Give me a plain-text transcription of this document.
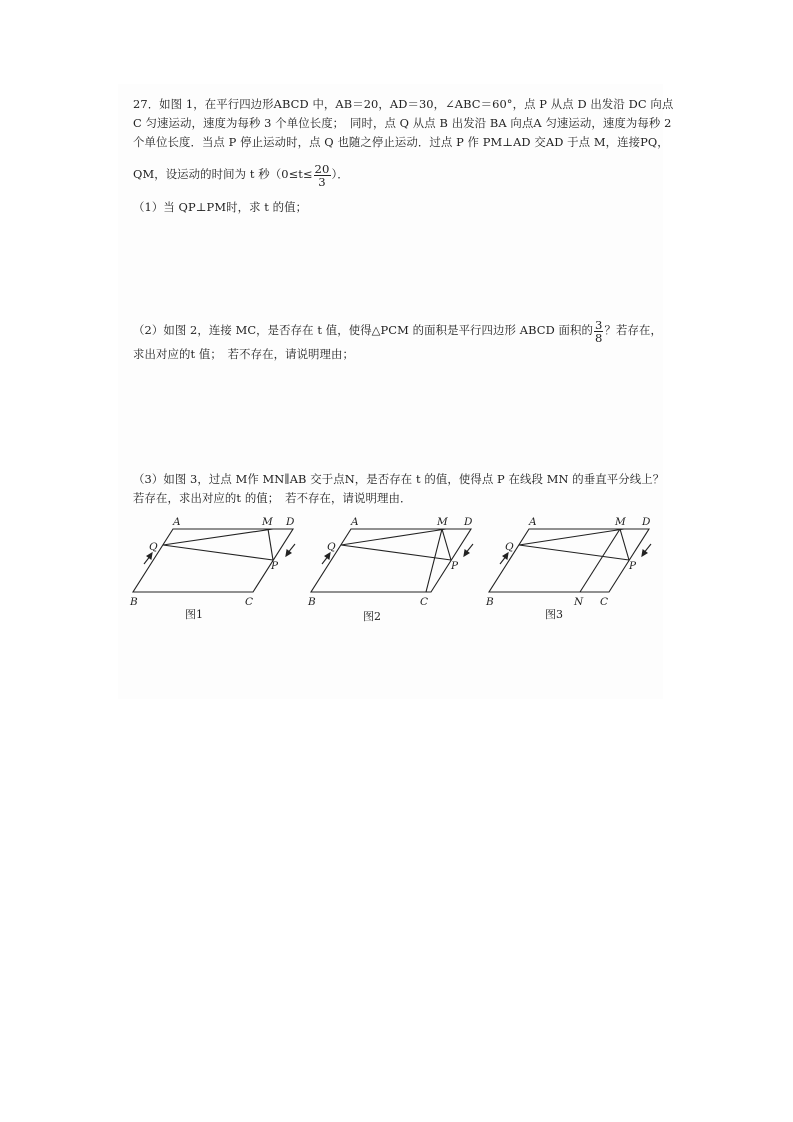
27．如图 1，在平行四边形ABCD 中，AB＝20，AD＝30，∠ABC＝60°，点 P 从点 D 出发沿 DC 向点
C 匀速运动，速度为每秒 3 个单位长度；　同时，点 Q 从点 B 出发沿 BA 向点A 匀速运动，速度为每秒 2
个单位长度．当点 P 停止运动时，点 Q 也随之停止运动．过点 P 作 PM⊥AD 交AD 于点 M，连接PQ，
QM，设运动的时间为 t 秒（$0\le t\le \frac{20}{3}$ ）．
（1）当 QP⊥PM时，求 t 的值；
（2）如图 2，连接 MC，是否存在 t 值，使得△PCM 的面积是平行四边形 ABCD 面积的 $\frac{3}{8}$ ？若存在，
求出对应的t 值；　若不存在，请说明理由；
（3）如图 3，过点 M作 MN∥AB 交于点N，是否存在 t 的值，使得点 P 在线段 MN 的垂直平分线上？
若存在，求出对应的t 的值；　若不存在，请说明理由．
A	M D
Q
P
B	C
图1
A	M D
Q
P
B	C
图2
A	M D
Q
P
B	N C
图3
